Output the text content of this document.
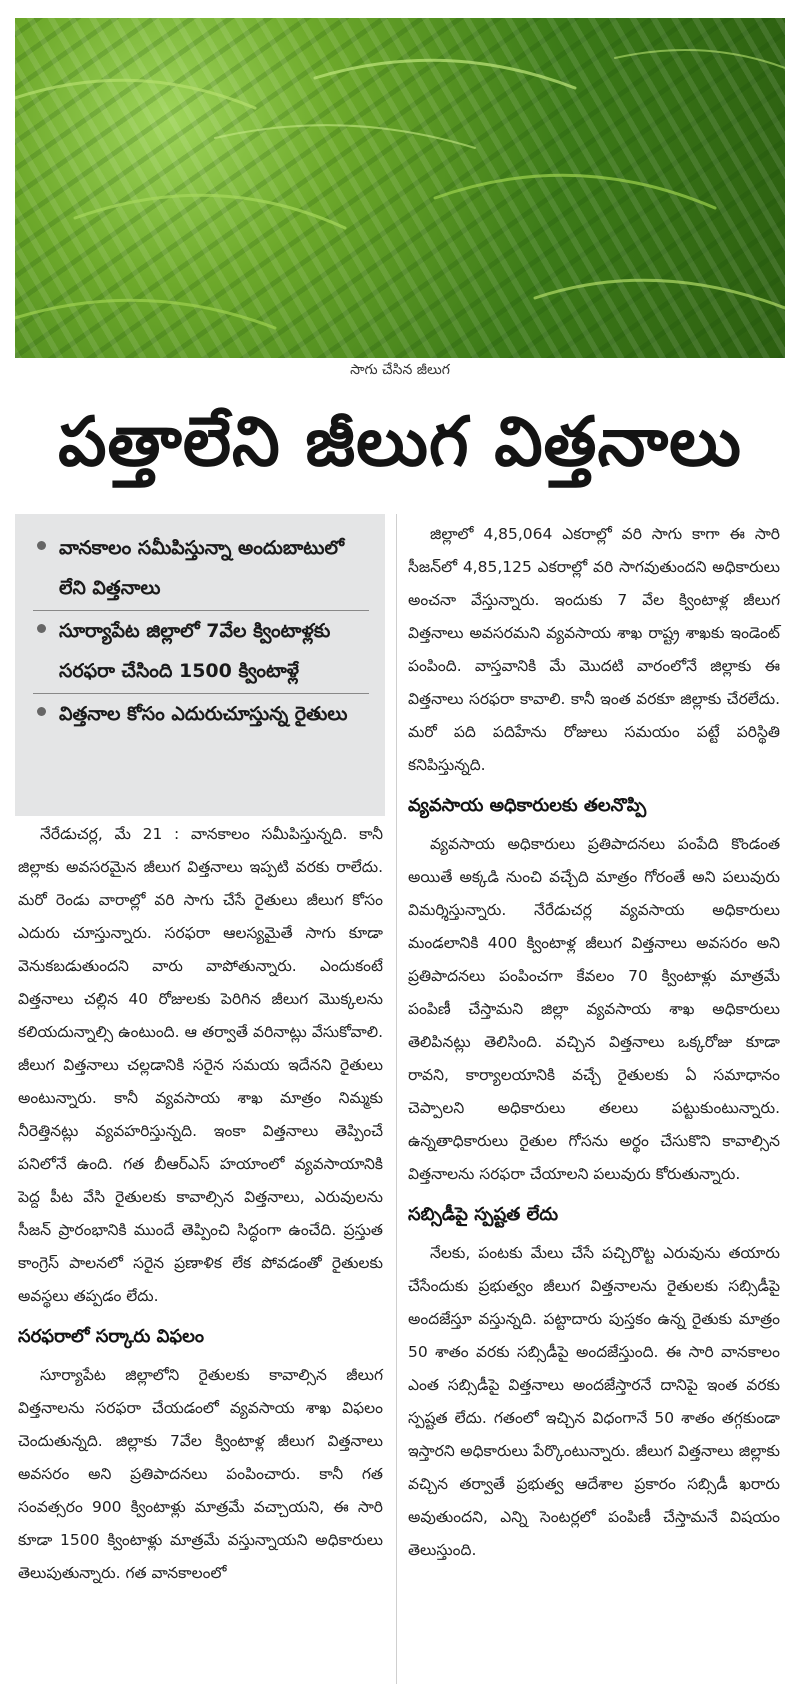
సాగు చేసిన జీలుగ
పత్తాలేని జీలుగ విత్తనాలు
వానకాలం సమీపిస్తున్నా అందుబాటులో లేని విత్తనాలు
సూర్యాపేట జిల్లాలో 7వేల క్వింటాళ్లకు సరఫరా చేసింది 1500 క్వింటాళ్లే
విత్తనాల కోసం ఎదురుచూస్తున్న రైతులు

నేరేడుచర్ల, మే 21 : వానకాలం సమీపిస్తున్నది. కానీ జిల్లాకు అవసరమైన జీలుగ విత్తనాలు ఇప్పటి వరకు రాలేదు. మరో రెండు వారాల్లో వరి సాగు చేసే రైతులు జీలుగ కోసం ఎదురు చూస్తున్నారు. సరఫరా ఆలస్యమైతే సాగు కూడా వెనుకబడుతుందని వారు వాపోతున్నారు. ఎందుకంటే విత్తనాలు చల్లిన 40 రోజులకు పెరిగిన జీలుగ మొక్కలను కలియదున్నాల్సి ఉంటుంది. ఆ తర్వాతే వరినాట్లు వేసుకోవాలి. జీలుగ విత్తనాలు చల్లడానికి సరైన సమయ ఇదేనని రైతులు అంటున్నారు. కానీ వ్యవసాయ శాఖ మాత్రం నిమ్మకు నీరెత్తినట్లు వ్యవహరిస్తున్నది. ఇంకా విత్తనాలు తెప్పించే పనిలోనే ఉంది. గత బీఆర్ఎస్ హయాంలో వ్యవసాయానికి పెద్ద పీట వేసి రైతులకు కావాల్సిన విత్తనాలు, ఎరువులను సీజన్ ప్రారంభానికి ముందే తెప్పించి సిద్ధంగా ఉంచేది. ప్రస్తుత కాంగ్రెస్ పాలనలో సరైన ప్రణాళిక లేక పోవడంతో రైతులకు అవస్థలు తప్పడం లేదు.

సరఫరాలో సర్కారు విఫలం

సూర్యాపేట జిల్లాలోని రైతులకు కావాల్సిన జీలుగ విత్తనాలను సరఫరా చేయడంలో వ్యవసాయ శాఖ విఫలం చెందుతున్నది. జిల్లాకు 7వేల క్వింటాళ్ల జీలుగ విత్తనాలు అవసరం అని ప్రతిపాదనలు పంపించారు. కానీ గత సంవత్సరం 900 క్వింటాళ్లు మాత్రమే వచ్చాయని, ఈ సారి కూడా 1500 క్వింటాళ్లు మాత్రమే వస్తున్నాయని అధికారులు తెలుపుతున్నారు. గత వానకాలంలో

జిల్లాలో 4,85,064 ఎకరాల్లో వరి సాగు కాగా ఈ సారి సీజన్‌లో 4,85,125 ఎకరాల్లో వరి సాగవుతుందని అధికారులు అంచనా వేస్తున్నారు. ఇందుకు 7 వేల క్వింటాళ్ల జీలుగ విత్తనాలు అవసరమని వ్యవసాయ శాఖ రాష్ట్ర శాఖకు ఇండెంట్ పంపింది. వాస్తవానికి మే మొదటి వారంలోనే జిల్లాకు ఈ విత్తనాలు సరఫరా కావాలి. కానీ ఇంత వరకూ జిల్లాకు చేరలేదు. మరో పది పదిహేను రోజులు సమయం పట్టే పరిస్థితి కనిపిస్తున్నది.

వ్యవసాయ అధికారులకు తలనొప్పి

వ్యవసాయ అధికారులు ప్రతిపాదనలు పంపేది కొండంత అయితే అక్కడి నుంచి వచ్చేది మాత్రం గోరంతే అని పలువురు విమర్శిస్తున్నారు. నేరేడుచర్ల వ్యవసాయ అధికారులు మండలానికి 400 క్వింటాళ్ల జీలుగ విత్తనాలు అవసరం అని ప్రతిపాదనలు పంపించగా కేవలం 70 క్వింటాళ్లు మాత్రమే పంపిణీ చేస్తామని జిల్లా వ్యవసాయ శాఖ అధికారులు తెలిపినట్లు తెలిసింది. వచ్చిన విత్తనాలు ఒక్కరోజు కూడా రావని, కార్యాలయానికి వచ్చే రైతులకు ఏ సమాధానం చెప్పాలని అధికారులు తలలు పట్టుకుంటున్నారు. ఉన్నతాధికారులు రైతుల గోసను అర్థం చేసుకొని కావాల్సిన విత్తనాలను సరఫరా చేయాలని పలువురు కోరుతున్నారు.

సబ్సిడీపై స్పష్టత లేదు

నేలకు, పంటకు మేలు చేసే పచ్చిరొట్ట ఎరువును తయారు చేసేందుకు ప్రభుత్వం జీలుగ విత్తనాలను రైతులకు సబ్సిడీపై అందజేస్తూ వస్తున్నది. పట్టాదారు పుస్తకం ఉన్న రైతుకు మాత్రం 50 శాతం వరకు సబ్సిడీపై అందజేస్తుంది. ఈ సారి వానకాలం ఎంత సబ్సిడీపై విత్తనాలు అందజేస్తారనే దానిపై ఇంత వరకు స్పష్టత లేదు. గతంలో ఇచ్చిన విధంగానే 50 శాతం తగ్గకుండా ఇస్తారని అధికారులు పేర్కొంటున్నారు. జీలుగ విత్తనాలు జిల్లాకు వచ్చిన తర్వాతే ప్రభుత్వ ఆదేశాల ప్రకారం సబ్సిడీ ఖరారు అవుతుందని, ఎన్ని సెంటర్లలో పంపిణీ చేస్తామనే విషయం తెలుస్తుంది.
